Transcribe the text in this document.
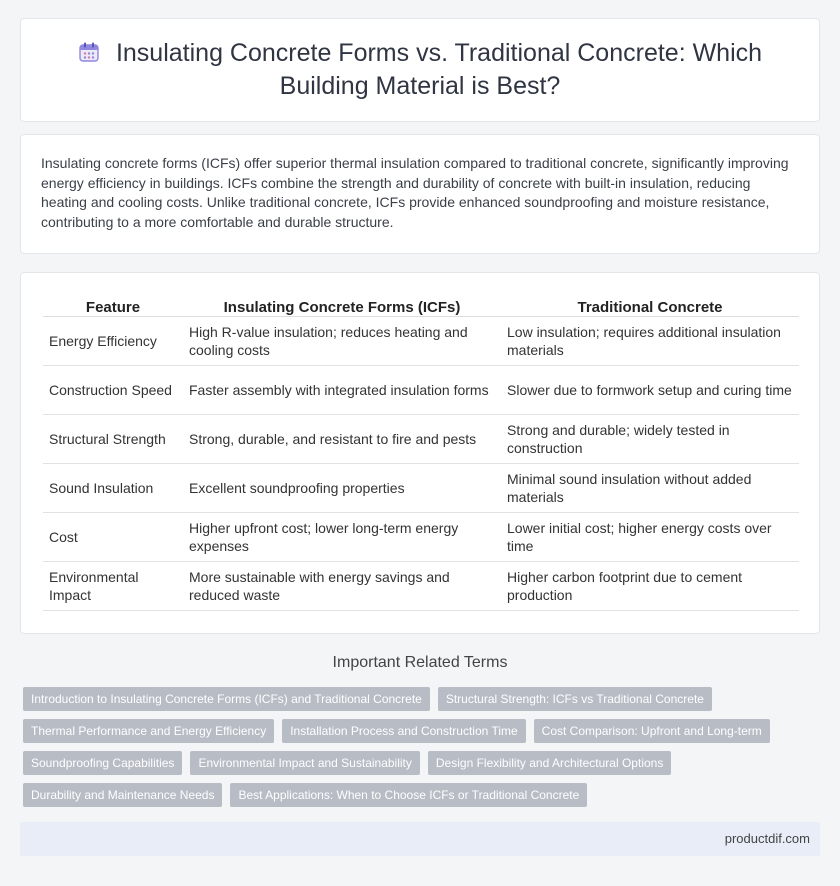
Insulating Concrete Forms vs. Traditional Concrete: Which Building Material is Best?

Insulating concrete forms (ICFs) offer superior thermal insulation compared to traditional concrete, significantly improving energy efficiency in buildings. ICFs combine the strength and durability of concrete with built-in insulation, reducing heating and cooling costs. Unlike traditional concrete, ICFs provide enhanced soundproofing and moisture resistance, contributing to a more comfortable and durable structure.

Feature	Insulating Concrete Forms (ICFs)	Traditional Concrete
Energy Efficiency	High R-value insulation; reduces heating and cooling costs	Low insulation; requires additional insulation materials
Construction Speed	Faster assembly with integrated insulation forms	Slower due to formwork setup and curing time
Structural Strength	Strong, durable, and resistant to fire and pests	Strong and durable; widely tested in construction
Sound Insulation	Excellent soundproofing properties	Minimal sound insulation without added materials
Cost	Higher upfront cost; lower long-term energy expenses	Lower initial cost; higher energy costs over time
Environmental Impact	More sustainable with energy savings and reduced waste	Higher carbon footprint due to cement production
Important Related Terms
Introduction to Insulating Concrete Forms (ICFs) and Traditional Concrete	Structural Strength: ICFs vs Traditional Concrete
Thermal Performance and Energy Efficiency	Installation Process and Construction Time	Cost Comparison: Upfront and Long-term
Soundproofing Capabilities	Environmental Impact and Sustainability	Design Flexibility and Architectural Options
Durability and Maintenance Needs	Best Applications: When to Choose ICFs or Traditional Concrete
productdif.com
